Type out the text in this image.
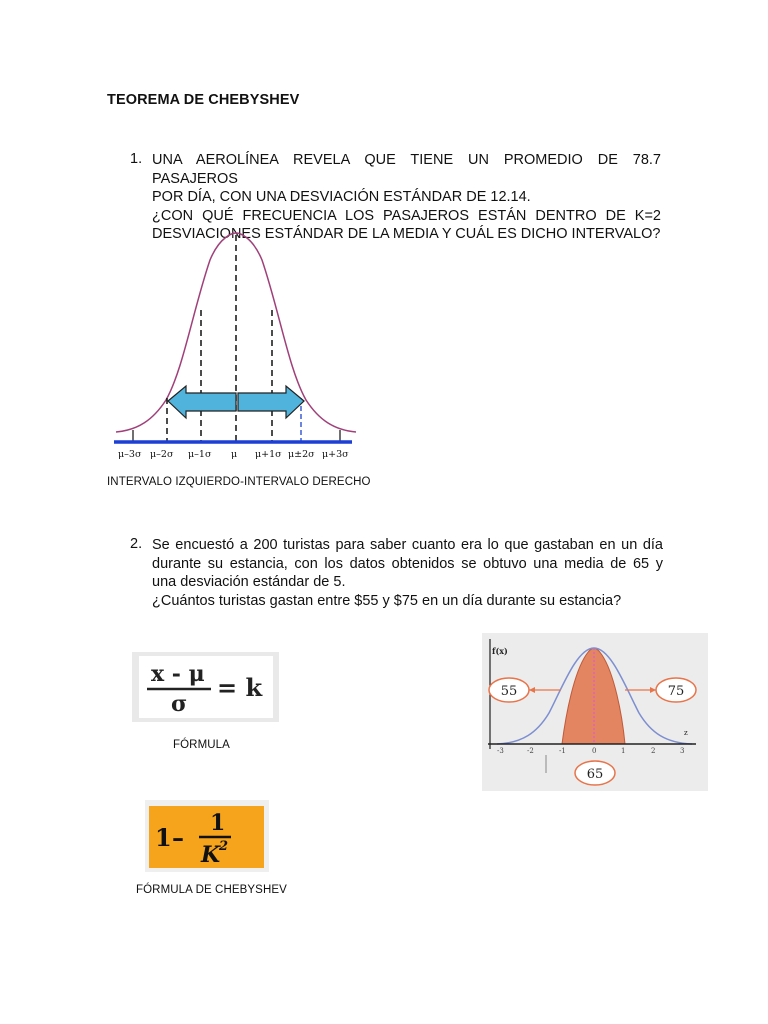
TEOREMA DE CHEBYSHEV
1. UNA AEROLÍNEA REVELA QUE TIENE UN PROMEDIO DE 78.7 PASAJEROS
POR DÍA, CON UNA DESVIACIÓN ESTÁNDAR DE 12.14.
¿CON QUÉ FRECUENCIA LOS PASAJEROS ESTÁN DENTRO DE K=2
DESVIACIONES ESTÁNDAR DE LA MEDIA Y CUÁL ES DICHO INTERVALO?
μ–3σ μ–2σ μ–1σ μ μ+1σ μ±2σ μ+3σ
INTERVALO IZQUIERDO-INTERVALO DERECHO
2. Se encuestó a 200 turistas para saber cuanto era lo que gastaban en un día
durante su estancia, con los datos obtenidos se obtuvo una media de 65 y
una desviación estándar de 5.
¿Cuántos turistas gastan entre $55 y $75 en un día durante su estancia?
x - μ
σ
= k
FÓRMULA
1 – 1
K
2
FÓRMULA DE CHEBYSHEV
f(x)
z
-3	-2	-1	0	1	2	3
55	75
65
